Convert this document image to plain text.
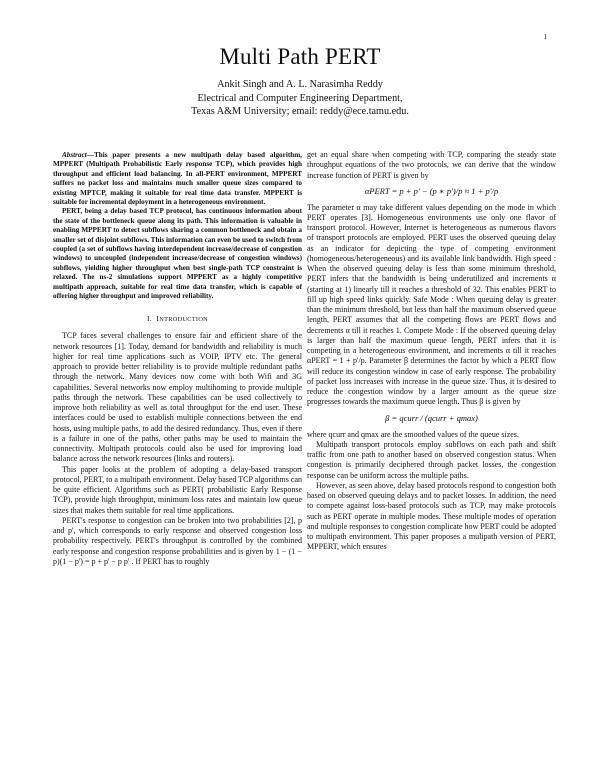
1
Multi Path PERT

Ankit Singh and A. L. Narasimha Reddy

Electrical and Computer Engineering Department,

Texas A&M University; email: reddy@ece.tamu.edu.

Abstract—This paper presents a new multipath delay based algorithm, MPPERT (Multipath Probabilistic Early response TCP), which provides high throughput and efficient load balancing. In all-PERT environment, MPPERT suffers no packet loss and maintains much smaller queue sizes compared to existing MPTCP, making it suitable for real time data transfer. MPPERT is suitable for incremental deployment in a heterogeneous environment.

PERT, being a delay based TCP protocol, has continuous information about the state of the bottleneck queue along its path. This information is valuable in enabling MPPERT to detect subflows sharing a common bottleneck and obtain a smaller set of disjoint subflows. This information can even be used to switch from coupled (a set of subflows having interdependent increase/decrease of congestion windows) to uncoupled (independent increase/decrease of congestion windows) subflows, yielding higher throughput when best single-path TCP constraint is relaxed. The ns-2 simulations support MPPERT as a highly competitive multipath approach, suitable for real time data transfer, which is capable of offering higher throughput and improved reliability.

I. INTRODUCTION

TCP faces several challenges to ensure fair and efficient share of the network resources [1]. Today, demand for bandwidth and reliability is much higher for real time applications such as VOIP, IPTV etc. The general approach to provide better reliability is to provide multiple redundant paths through the network. Many devices now come with both Wifi and 3G capabilities. Several networks now employ multihoming to provide multiple paths through the network. These capabilities can be used collectively to improve both reliability as well as total throughput for the end user. These interfaces could be used to establish multiple connections between the end hosts, using multiple paths, to add the desired redundancy. Thus, even if there is a failure in one of the paths, other paths may be used to maintain the connectivity. Multipath protocols could also be used for improving load balance across the network resources (links and routers).

This paper looks at the problem of adopting a delay-based transport protocol, PERT, to a multipath environment. Delay based TCP algorithms can be quite efficient. Algorithms such as PERT( probabilistic Early Response TCP), provide high throughput, minimum loss rates and maintain low queue sizes that makes them suitable for real time applications.

PERT's response to congestion can be broken into two probabilities [2], p and p', which corresponds to early response and observed congestion loss probability respectively. PERT's throughput is controlled by the combined early response and congestion response probabilities and is given by 1 − (1 − p)(1 − p') = p + p' − p p' . If PERT has to roughly

get an equal share when competing with TCP, comparing the steady state throughput equations of the two protocols, we can derive that the window increase function of PERT is given by

αPERT = p + p' − (p ∗ p')/p ≈ 1 + p'/p

The parameter α may take different values depending on the mode in which PERT operates [3]. Homogeneous environments use only one flavor of transport protocol. However, Internet is heterogeneous as numerous flavors of transport protocols are employed. PERT uses the observed queuing delay as an indicator for depicting the type of competing environment (homogeneous/heterogeneous) and its available link bandwidth. High speed : When the observed queuing delay is less than some minimum threshold, PERT infers that the bandwidth is being underutilized and increments α (starting at 1) linearly till it reaches a threshold of 32. This enables PERT to fill up high speed links quickly. Safe Mode : When queuing delay is greater than the minimum threshold, but less than half the maximum observed queue length, PERT assumes that all the competing flows are PERT flows and decrements α till it reaches 1. Compete Mode : If the observed queuing delay is larger than half the maximum queue length, PERT infers that it is competing in a heterogeneous environment, and increments α till it reaches αPERT = 1 + p'/p. Parameter β determines the factor by which a PERT flow will reduce its congestion window in case of early response. The probability of packet loss increases with increase in the queue size. Thus, it is desired to reduce the congestion window by a larger amount as the queue size progresses towards the maximum queue length. Thus β is given by

β = qcurr / (qcurr + qmax)

where qcurr and qmax are the smoothed values of the queue sizes.

Multipath transport protocols employ subflows on each path and shift traffic from one path to another based on observed congestion status. When congestion is primarily deciphered through packet losses, the congestion response can be uniform across the multiple paths.

However, as seen above, delay based protocols respond to congestion both based on observed queuing delays and to packet losses. In addition, the need to compete against loss-based protocols such as TCP, may make protocols such as PERT operate in multiple modes. These multiple modes of operation and multiple responses to congestion complicate how PERT could be adopted to multipath environment. This paper proposes a mulipath version of PERT, MPPERT, which ensures
